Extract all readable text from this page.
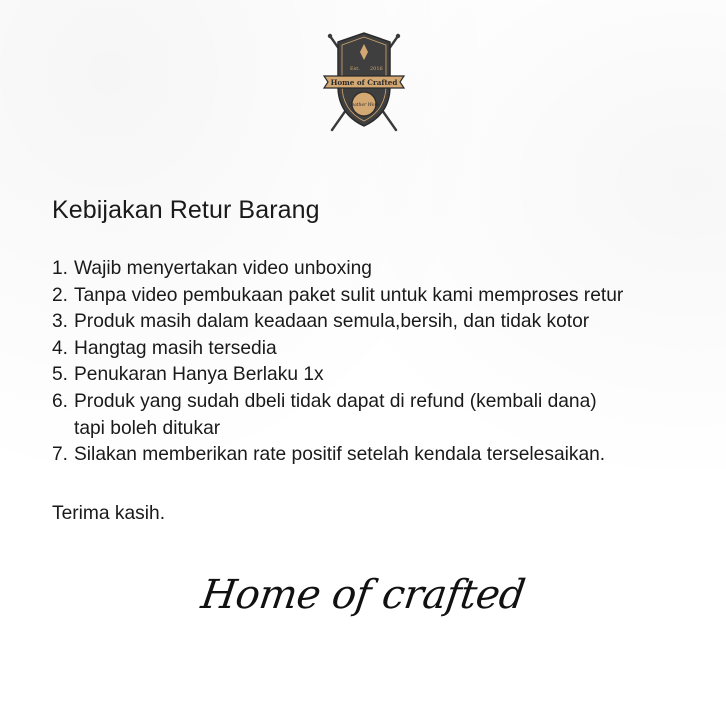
Est. 2016
Home of Crafted
Leather Work
Kebijakan Retur Barang
1. Wajib menyertakan video unboxing
2. Tanpa video pembukaan paket sulit untuk kami memproses retur
3. Produk masih dalam keadaan semula,bersih, dan tidak kotor
4. Hangtag masih tersedia
5. Penukaran Hanya Berlaku 1x
6. Produk yang sudah dbeli tidak dapat di refund (kembali dana)
tapi boleh ditukar
7. Silakan memberikan rate positif setelah kendala terselesaikan.

Terima kasih.

Home of crafted
